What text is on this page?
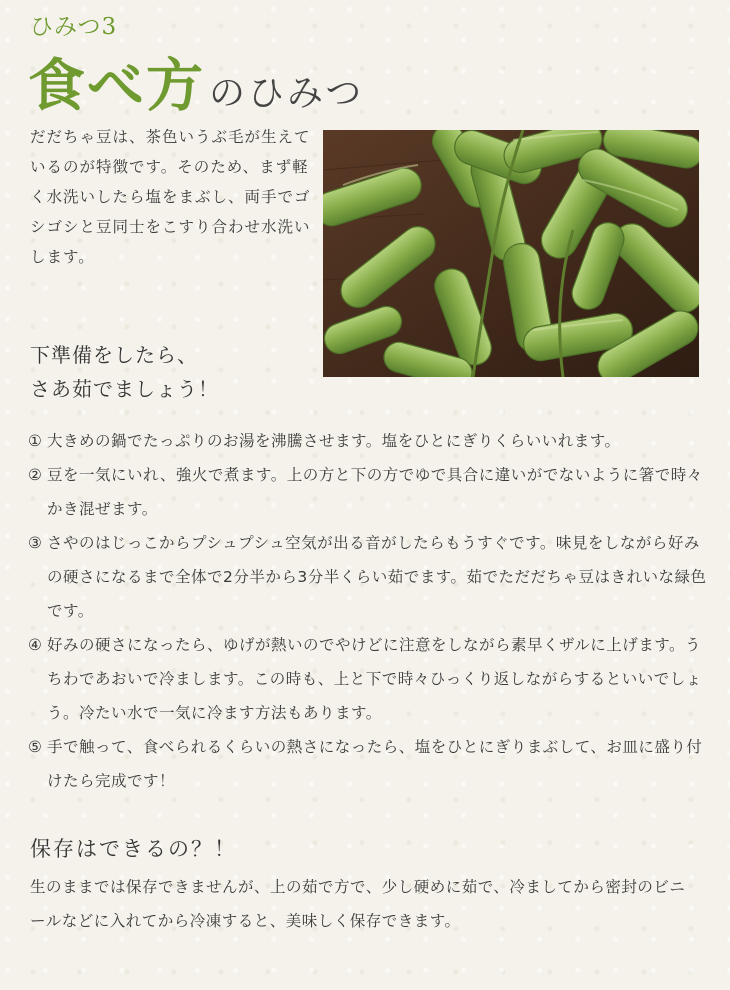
ひみつ3
食べ方 のひみつ
だだちゃ豆は、茶色いうぶ毛が生えているのが特徴です。そのため、まず軽く水洗いしたら塩をまぶし、両手でゴシゴシと豆同士をこすり合わせ水洗いします。
下準備をしたら、
さあ茹でましょう！
① 大きめの鍋でたっぷりのお湯を沸騰させます。塩をひとにぎりくらいいれます。
② 豆を一気にいれ、強火で煮ます。上の方と下の方でゆで具合に違いがでないように箸で時々かき混ぜます。
③ さやのはじっこからプシュプシュ空気が出る音がしたらもうすぐです。味見をしながら好みの硬さになるまで全体で2分半から3分半くらい茹でます。茹でただだちゃ豆はきれいな緑色です。
④ 好みの硬さになったら、ゆげが熱いのでやけどに注意をしながら素早くザルに上げます。うちわであおいで冷まします。この時も、上と下で時々ひっくり返しながらするといいでしょう。冷たい水で一気に冷ます方法もあります。
⑤ 手で触って、食べられるくらいの熱さになったら、塩をひとにぎりまぶして、お皿に盛り付けたら完成です！
保存はできるの？！
生のままでは保存できませんが、上の茹で方で、少し硬めに茹で、冷ましてから密封のビニールなどに入れてから冷凍すると、美味しく保存できます。
